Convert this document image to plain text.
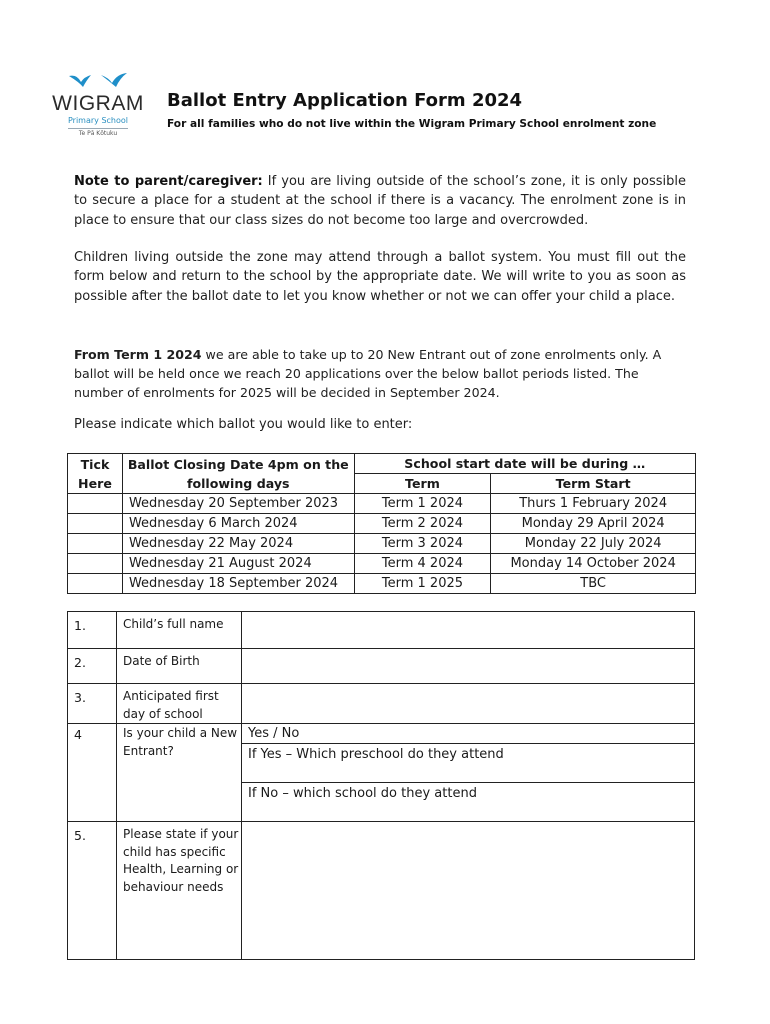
WIGRAM
Primary School
Te Pā Kōtuku
Ballot Entry Application Form 2024
For all families who do not live within the Wigram Primary School enrolment zone
Note to parent/caregiver: If you are living outside of the school’s zone, it is only possible to secure a place for a student at the school if there is a vacancy. The enrolment zone is in place to ensure that our class sizes do not become too large and overcrowded.
Children living outside the zone may attend through a ballot system. You must fill out the form below and return to the school by the appropriate date. We will write to you as soon as possible after the ballot date to let you know whether or not we can offer your child a place.
From Term 1 2024 we are able to take up to 20 New Entrant out of zone enrolments only. A ballot will be held once we reach 20 applications over the below ballot periods listed. The number of enrolments for 2025 will be decided in September 2024.
Please indicate which ballot you would like to enter:
Tick Here	Ballot Closing Date 4pm on the following days	School start date will be during …	
		Term	Term Start
	Wednesday 20 September 2023	Term 1 2024	Thurs 1 February 2024
	Wednesday 6 March 2024	Term 2 2024	Monday 29 April 2024
	Wednesday 22 May 2024	Term 3 2024	Monday 22 July 2024
	Wednesday 21 August 2024	Term 4 2024	Monday 14 October 2024
	Wednesday 18 September 2024	Term 1 2025	TBC
1.	Child’s full name	
2.	Date of Birth	
3.	Anticipated first day of school	
4	Is your child a New Entrant?	Yes / No
		If Yes – Which preschool do they attend
		If No – which school do they attend
5.	Please state if your child has specific Health, Learning or behaviour needs	
